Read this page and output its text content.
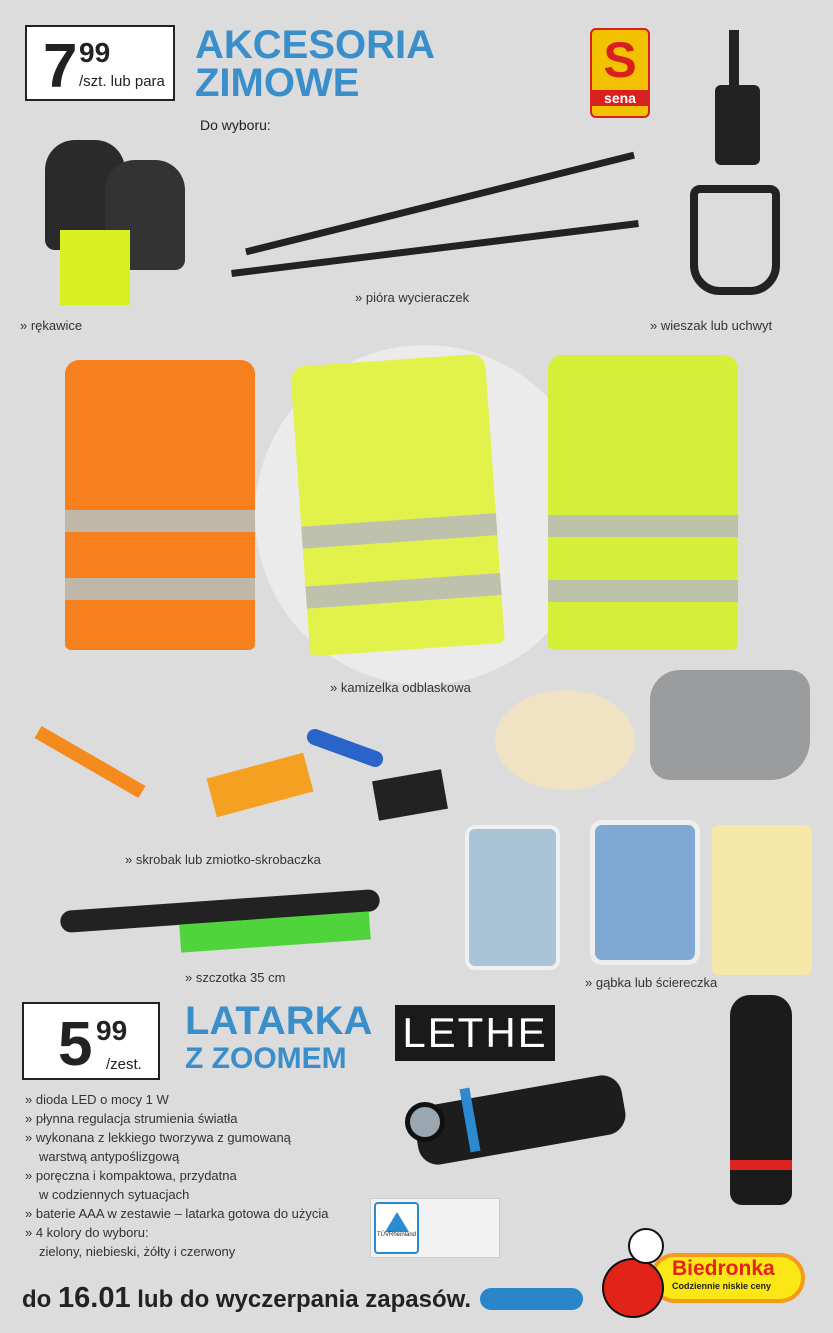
7 99
/szt. lub para
AKCESORIA
ZIMOWE
Do wyboru:
S
sena
» rękawice
» pióra wycieraczek
» wieszak lub uchwyt
» kamizelka odblaskowa
» skrobak lub zmiotko-skrobaczka
» szczotka 35 cm	» gąbka lub ściereczka
5 99
/zest.
LATARKA
Z ZOOMEM
LETHE
» dioda LED o mocy 1 W
» płynna regulacja strumienia światła
» wykonana z lekkiego tworzywa z gumowaną
warstwą antypoślizgową
» poręczna i kompaktowa, przydatna
w codziennych sytuacjach
» baterie AAA w zestawie – latarka gotowa do użycia
» 4 kolory do wyboru:
zielony, niebieski, żółty i czerwony
TÜVRheinland
do 16.01 lub do wyczerpania zapasów.
Biedronka
Codziennie niskie ceny
